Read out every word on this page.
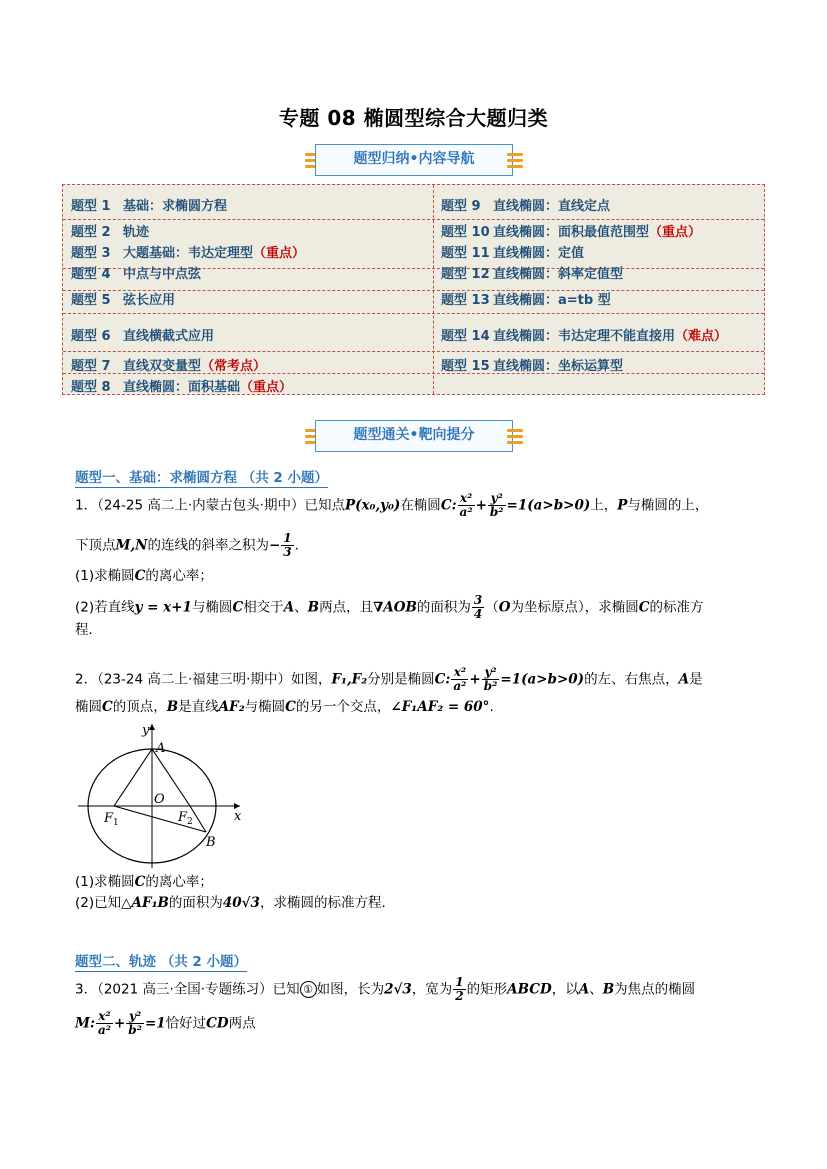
专题 08 椭圆型综合大题归类
题型归纳•内容导航
题型 1 基础：求椭圆方程
题型 2 轨迹
题型 3 大题基础：韦达定理型（重点）
题型 4 中点与中点弦
题型 5 弦长应用
题型 6 直线横截式应用
题型 7 直线双变量型（常考点）
题型 8 直线椭圆：面积基础（重点）
题型 9 直线椭圆：直线定点
题型 10 直线椭圆：面积最值范围型（重点）
题型 11 直线椭圆：定值
题型 12 直线椭圆：斜率定值型
题型 13 直线椭圆：a=tb 型
题型 14 直线椭圆：韦达定理不能直接用（难点）
题型 15 直线椭圆：坐标运算型
题型通关•靶向提分
题型一、基础：求椭圆方程 （共 2 小题）
1．（24-25 高二上·内蒙古包头·期中）已知点P(x₀,y₀)在椭圆C: $\frac{\text{x²}}{\text{a²}} + \frac{\text{y²}}{\text{b²}} =1(a>b>0)$上，P与椭圆的上，
下顶点M,N的连线的斜率之积为− $\frac{1}{3}$ .
(1)求椭圆C的离心率；
(2)若直线y = x+1与椭圆C相交于A、B两点，且∇AOB的面积为 $\frac{3}{4} (O$为坐标原点），求椭圆C的标准方
程．
2．（23-24 高二上·福建三明·期中）如图，F₁,F₂分别是椭圆C: $\frac{\text{x²}}{\text{a²}} + \frac{\text{y²}}{\text{b²}} =1(a>b>0)$的左、右焦点，A是
椭圆C的顶点，B是直线AF₂与椭圆C的另一个交点，∠F₁AF₂ = 60°.
y
x
A
O
$F_1$	$F_2$
B
(1)求椭圆C的离心率；
(2)已知△AF₁B的面积为40√3，求椭圆的标准方程.
题型二、轨迹 （共 2 小题）
3．（2021 高三·全国·专题练习）已知 ① 如图，长为2√3，宽为 $\frac{1}{2}$ 的矩形ABCD，以A、B为焦点的椭圆
M: $\frac{\text{x²}}{\text{a²}} + \frac{\text{y²}}{\text{b²}} =1$恰好过CD两点
